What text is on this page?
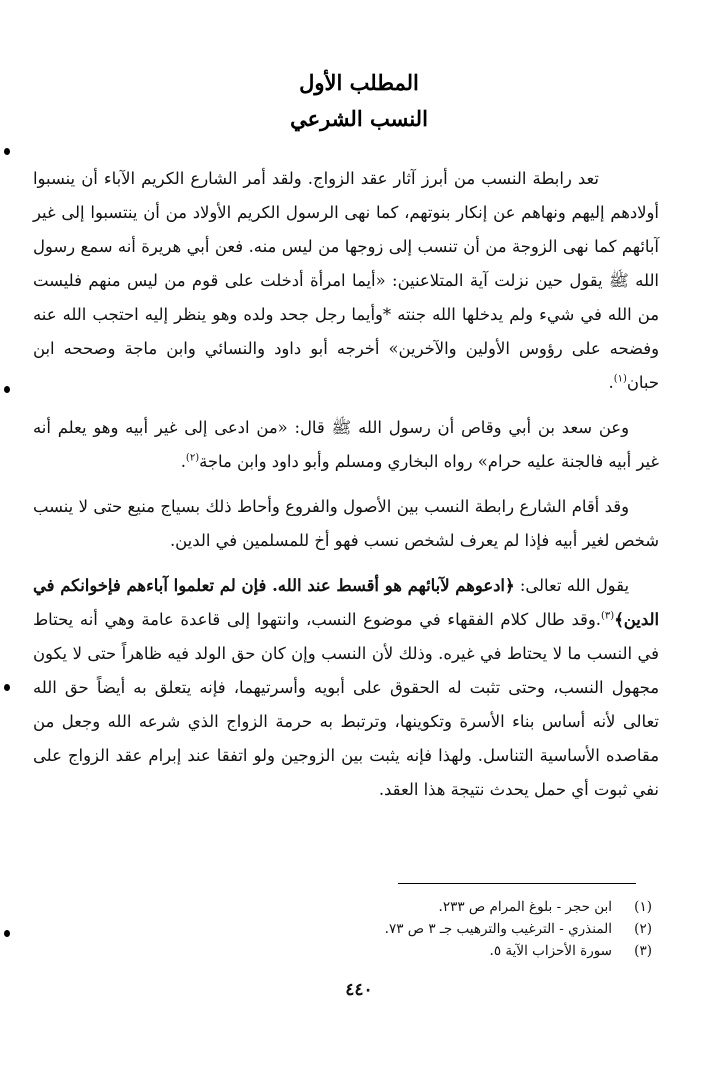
المطلب الأول
النسب الشرعي

تعد رابطة النسب من أبرز آثار عقد الزواج. ولقد أمر الشارع الكريم الآباء أن ينسبوا أولادهم إليهم ونهاهم عن إنكار بنوتهم، كما نهى الرسول الكريم الأولاد من أن ينتسبوا إلى غير آبائهم كما نهى الزوجة من أن تنسب إلى زوجها من ليس منه. فعن أبي هريرة أنه سمع رسول الله ﷺ يقول حين نزلت آية المتلاعنين: «أيما امرأة أدخلت على قوم من ليس منهم فليست من الله في شيء ولم يدخلها الله جنته *وأيما رجل جحد ولده وهو ينظر إليه احتجب الله عنه وفضحه على رؤوس الأولين والآخرين» أخرجه أبو داود والنسائي وابن ماجة وصححه ابن حبان$^{(١)}$.

وعن سعد بن أبي وقاص أن رسول الله ﷺ قال: «من ادعى إلى غير أبيه وهو يعلم أنه غير أبيه فالجنة عليه حرام» رواه البخاري ومسلم وأبو داود وابن ماجة$^{(٢)}$.

وقد أقام الشارع رابطة النسب بين الأصول والفروع وأحاط ذلك بسياج منيع حتى لا ينسب شخص لغير أبيه فإذا لم يعرف لشخص نسب فهو أخ للمسلمين في الدين.

يقول الله تعالى: ﴿ادعوهم لآبائهم هو أقسط عند الله. فإن لم تعلموا آباءهم فإخوانكم في الدين﴾$^{(٣)}$.وقد طال كلام الفقهاء في موضوع النسب، وانتهوا إلى قاعدة عامة وهي أنه يحتاط في النسب ما لا يحتاط في غيره. وذلك لأن النسب وإن كان حق الولد فيه ظاهراً حتى لا يكون مجهول النسب، وحتى تثبت له الحقوق على أبويه وأسرتيهما، فإنه يتعلق به أيضاً حق الله تعالى لأنه أساس بناء الأسرة وتكوينها، وترتبط به حرمة الزواج الذي شرعه الله وجعل من مقاصده الأساسية التناسل. ولهذا فإنه يثبت بين الزوجين ولو اتفقا عند إبرام عقد الزواج على نفي ثبوت أي حمل يحدث نتيجة هذا العقد.

(١)
ابن حجر - بلوغ المرام ص ٢٣٣.
(٢)
المنذري - الترغيب والترهيب جـ ٣ ص ٧٣.
(٣)
سورة الأحزاب الآية ٥.
٤٤٠
